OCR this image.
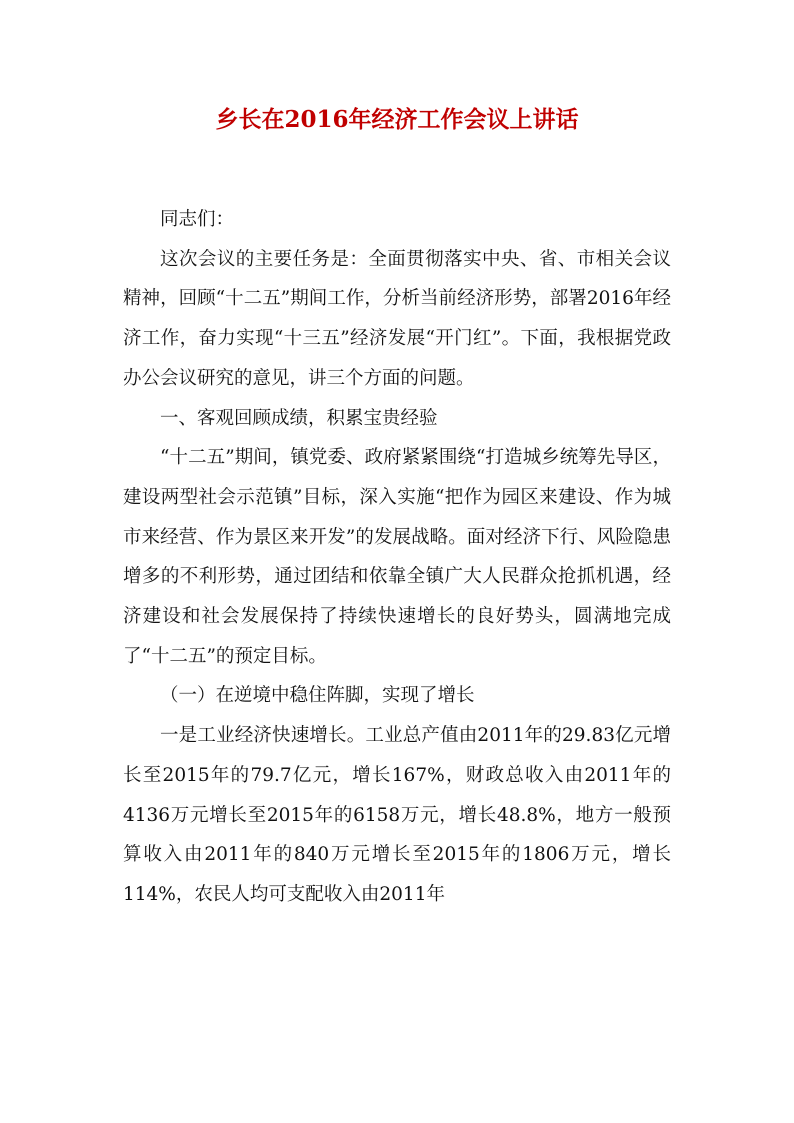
乡长在2016年经济工作会议上讲话

同志们：

这次会议的主要任务是：全面贯彻落实中央、省、市相关会议精神，回顾“十二五”期间工作，分析当前经济形势，部署2016年经济工作，奋力实现“十三五”经济发展“开门红”。下面，我根据党政办公会议研究的意见，讲三个方面的问题。

一、客观回顾成绩，积累宝贵经验

“十二五”期间，镇党委、政府紧紧围绕“打造城乡统筹先导区，建设两型社会示范镇”目标，深入实施“把作为园区来建设、作为城市来经营、作为景区来开发”的发展战略。面对经济下行、风险隐患增多的不利形势，通过团结和依靠全镇广大人民群众抢抓机遇，经济建设和社会发展保持了持续快速增长的良好势头，圆满地完成了“十二五”的预定目标。

（一）在逆境中稳住阵脚，实现了增长

一是工业经济快速增长。工业总产值由2011年的29.83亿元增长至2015年的79.7亿元，增长167%，财政总收入由2011年的4136万元增长至2015年的6158万元，增长48.8%，地方一般预算收入由2011年的840万元增长至2015年的1806万元，增长114%，农民人均可支配收入由2011年
